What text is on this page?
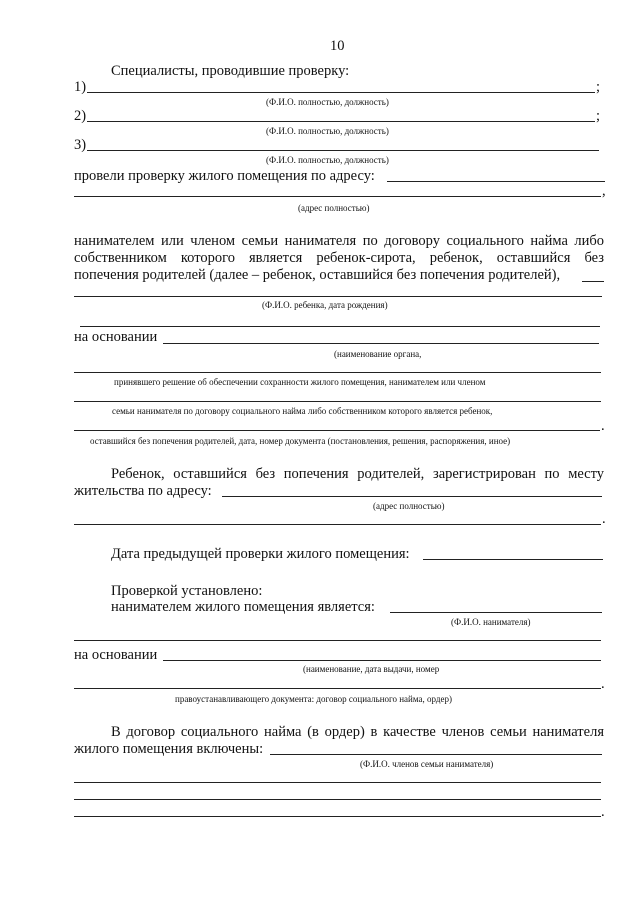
10
Специалисты, проводившие проверку:
1)	;
(Ф.И.О. полностью, должность)
2)	;
(Ф.И.О. полностью, должность)
3)
(Ф.И.О. полностью, должность)
провели проверку жилого помещения по адресу:
,
(адрес полностью)
нанимателем или членом семьи нанимателя по договору социального найма либо
собственником которого является ребенок-сирота, ребенок, оставшийся без
попечения родителей (далее – ребенок, оставшийся без попечения родителей),
(Ф.И.О. ребенка, дата рождения)
на основании
(наименование органа,
принявшего решение об обеспечении сохранности жилого помещения, нанимателем или членом
семьи нанимателя по договору социального найма либо собственником которого является ребенок,
.
оставшийся без попечения родителей, дата, номер документа (постановления, решения, распоряжения, иное)
Ребенок, оставшийся без попечения родителей, зарегистрирован по месту
жительства по адресу:
(адрес полностью)
.
Дата предыдущей проверки жилого помещения:
Проверкой установлено:
нанимателем жилого помещения является:
(Ф.И.О. нанимателя)
на основании
(наименование, дата выдачи, номер
.
правоустанавливающего документа: договор социального найма, ордер)
В договор социального найма (в ордер) в качестве членов семьи нанимателя
жилого помещения включены:
(Ф.И.О. членов семьи нанимателя)
.
